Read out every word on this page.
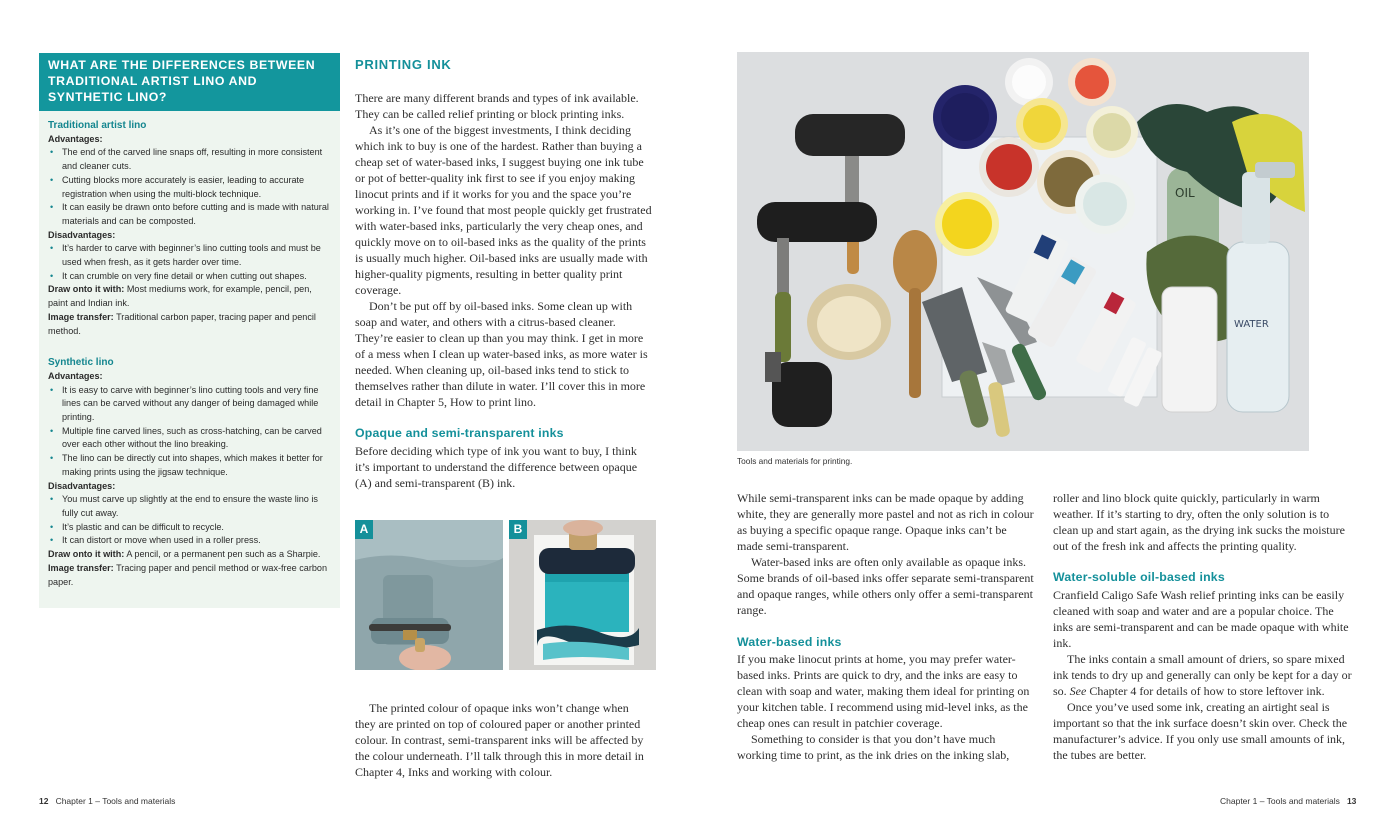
WHAT ARE THE DIFFERENCES BETWEEN TRADITIONAL ARTIST LINO AND SYNTHETIC LINO?
Traditional artist lino
Advantages:
• The end of the carved line snaps off, resulting in more consistent and cleaner cuts.
• Cutting blocks more accurately is easier, leading to accurate registration when using the multi-block technique.
• It can easily be drawn onto before cutting and is made with natural materials and can be composted.
Disadvantages:
• It’s harder to carve with beginner’s lino cutting tools and must be used when fresh, as it gets harder over time.
• It can crumble on very fine detail or when cutting out shapes.
Draw onto it with: Most mediums work, for example, pencil, pen, paint and Indian ink.
Image transfer: Traditional carbon paper, tracing paper and pencil method.
Synthetic lino
Advantages:
• It is easy to carve with beginner’s lino cutting tools and very fine lines can be carved without any danger of being damaged while printing.
• Multiple fine carved lines, such as cross-hatching, can be carved over each other without the lino breaking.
• The lino can be directly cut into shapes, which makes it better for making prints using the jigsaw technique.
Disadvantages:
• You must carve up slightly at the end to ensure the waste lino is fully cut away.
• It’s plastic and can be difficult to recycle.
• It can distort or move when used in a roller press.
Draw onto it with: A pencil, or a permanent pen such as a Sharpie.
Image transfer: Tracing paper and pencil method or wax-free carbon paper.
PRINTING INK

There are many different brands and types of ink available. They can be called relief printing or block printing inks.

As it’s one of the biggest investments, I think deciding which ink to buy is one of the hardest. Rather than buying a cheap set of water-based inks, I suggest buying one ink tube or pot of better-quality ink first to see if you enjoy making linocut prints and if it works for you and the space you’re working in. I’ve found that most people quickly get frustrated with water-based inks, particularly the very cheap ones, and quickly move on to oil-based inks as the quality of the prints is usually much higher. Oil-based inks are usually made with higher-quality pigments, resulting in better quality print coverage.

Don’t be put off by oil-based inks. Some clean up with soap and water, and others with a citrus-based cleaner. They’re easier to clean up than you may think. I get in more of a mess when I clean up water-based inks, as more water is needed. When cleaning up, oil-based inks tend to stick to themselves rather than dilute in water. I’ll cover this in more detail in Chapter 5, How to print lino.

Opaque and semi-transparent inks

Before deciding which type of ink you want to buy, I think it’s important to understand the difference between opaque (A) and semi-transparent (B) ink.

A	B

The printed colour of opaque inks won’t change when they are printed on top of coloured paper or another printed colour. In contrast, semi-transparent inks will be affected by the colour underneath. I’ll talk through this in more detail in Chapter 4, Inks and working with colour.

OIL
WATER
Tools and materials for printing.

While semi-transparent inks can be made opaque by adding white, they are generally more pastel and not as rich in colour as buying a specific opaque range. Opaque inks can’t be made semi-transparent.

Water-based inks are often only available as opaque inks. Some brands of oil-based inks offer separate semi-transparent and opaque ranges, while others only offer a semi-transparent range.

Water-based inks

If you make linocut prints at home, you may prefer water-based inks. Prints are quick to dry, and the inks are easy to clean with soap and water, making them ideal for printing on your kitchen table. I recommend using mid-level inks, as the cheap ones can result in patchier coverage.

Something to consider is that you don’t have much working time to print, as the ink dries on the inking slab,

roller and lino block quite quickly, particularly in warm weather. If it’s starting to dry, often the only solution is to clean up and start again, as the drying ink sucks the moisture out of the fresh ink and affects the printing quality.

Water-soluble oil-based inks

Cranfield Caligo Safe Wash relief printing inks can be easily cleaned with soap and water and are a popular choice. The inks are semi-transparent and can be made opaque with white ink.

The inks contain a small amount of driers, so spare mixed ink tends to dry up and generally can only be kept for a day or so. See Chapter 4 for details of how to store leftover ink.

Once you’ve used some ink, creating an airtight seal is important so that the ink surface doesn’t skin over. Check the manufacturer’s advice. If you only use small amounts of ink, the tubes are better.

12 Chapter 1 – Tools and materials	Chapter 1 – Tools and materials 13
